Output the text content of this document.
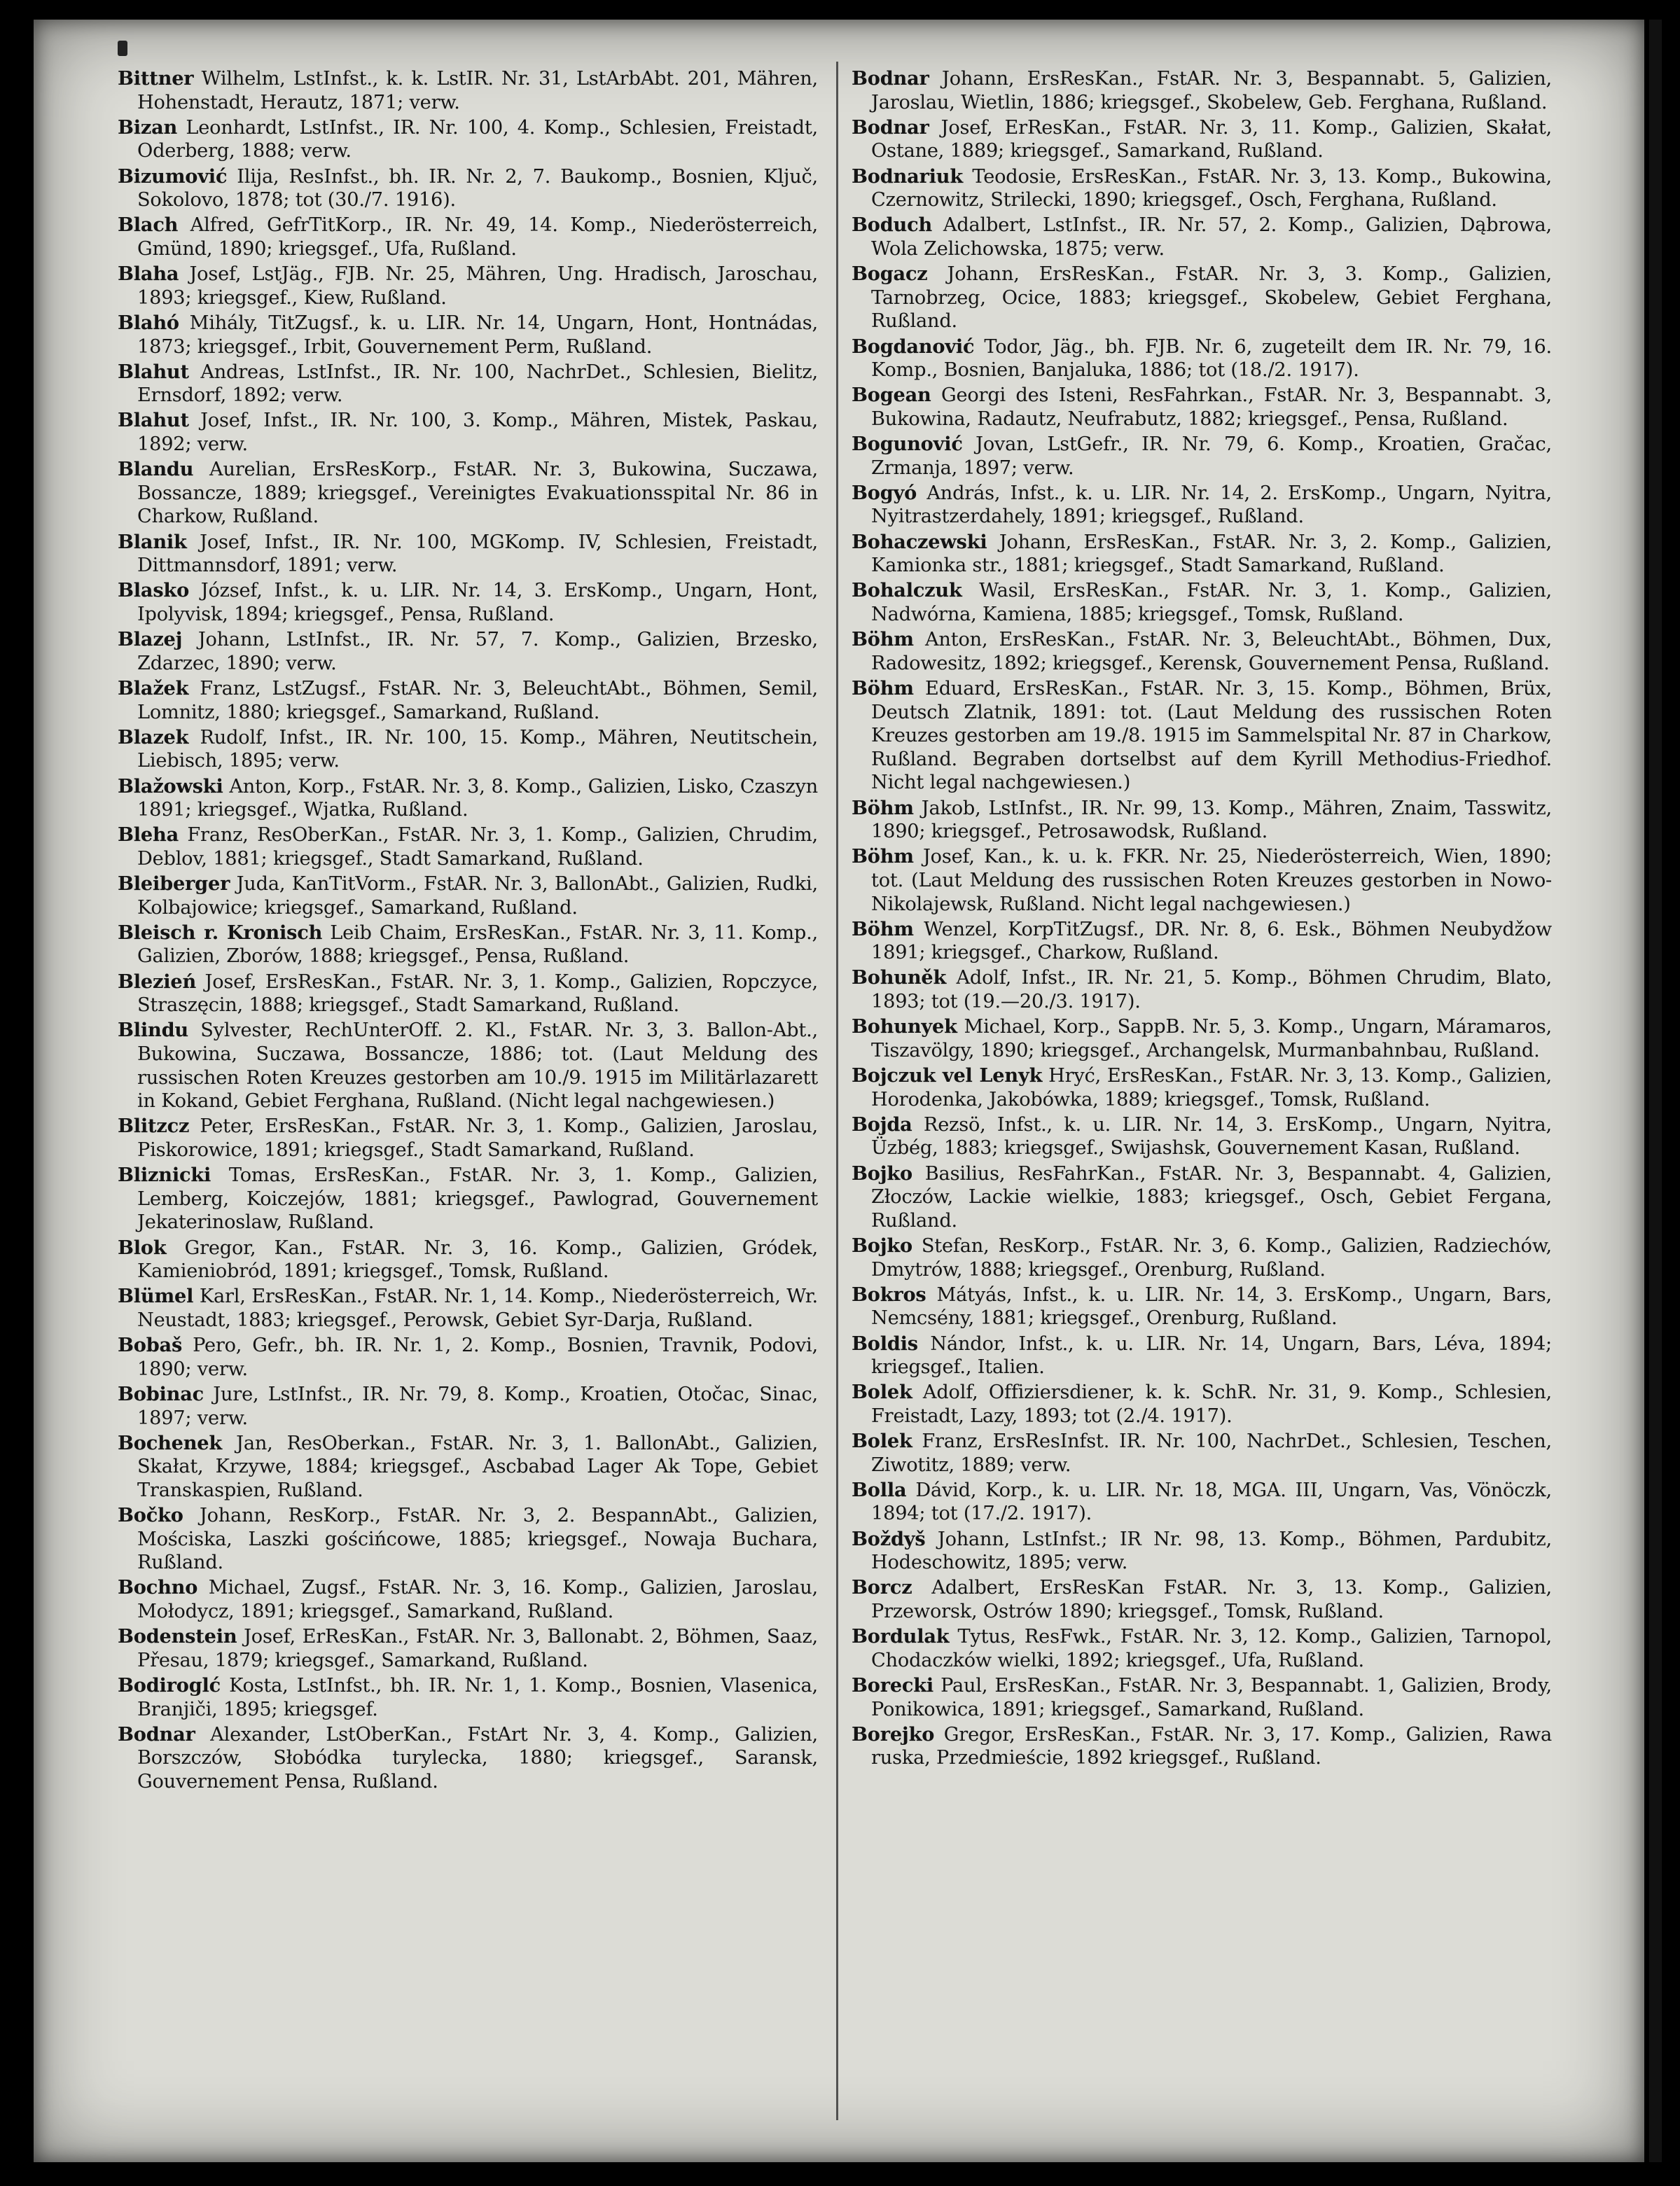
Bittner Wilhelm, LstInfst., k. k. LstIR. Nr. 31, LstArbAbt. 201, Mähren, Hohenstadt, Herautz, 1871; verw.

Bizan Leonhardt, LstInfst., IR. Nr. 100, 4. Komp., Schlesien, Freistadt, Oderberg, 1888; verw.

Bizumović Ilija, ResInfst., bh. IR. Nr. 2, 7. Baukomp., Bosnien, Ključ, Sokolovo, 1878; tot (30./7. 1916).

Blach Alfred, GefrTitKorp., IR. Nr. 49, 14. Komp., Niederösterreich, Gmünd, 1890; kriegsgef., Ufa, Rußland.

Blaha Josef, LstJäg., FJB. Nr. 25, Mähren, Ung. Hradisch, Jaroschau, 1893; kriegsgef., Kiew, Rußland.

Blahó Mihály, TitZugsf., k. u. LIR. Nr. 14, Ungarn, Hont, Hontnádas, 1873; kriegsgef., Irbit, Gouvernement Perm, Rußland.

Blahut Andreas, LstInfst., IR. Nr. 100, NachrDet., Schlesien, Bielitz, Ernsdorf, 1892; verw.

Blahut Josef, Infst., IR. Nr. 100, 3. Komp., Mähren, Mistek, Paskau, 1892; verw.

Blandu Aurelian, ErsResKorp., FstAR. Nr. 3, Bukowina, Suczawa, Bossancze, 1889; kriegsgef., Vereinigtes Evakuationsspital Nr. 86 in Charkow, Rußland.

Blanik Josef, Infst., IR. Nr. 100, MGKomp. IV, Schlesien, Freistadt, Dittmannsdorf, 1891; verw.

Blasko József, Infst., k. u. LIR. Nr. 14, 3. ErsKomp., Ungarn, Hont, Ipolyvisk, 1894; kriegsgef., Pensa, Rußland.

Blazej Johann, LstInfst., IR. Nr. 57, 7. Komp., Galizien, Brzesko, Zdarzec, 1890; verw.

Blažek Franz, LstZugsf., FstAR. Nr. 3, BeleuchtAbt., Böhmen, Semil, Lomnitz, 1880; kriegsgef., Samarkand, Rußland.

Blazek Rudolf, Infst., IR. Nr. 100, 15. Komp., Mähren, Neutitschein, Liebisch, 1895; verw.

Blažowski Anton, Korp., FstAR. Nr. 3, 8. Komp., Galizien, Lisko, Czaszyn 1891; kriegsgef., Wjatka, Rußland.

Bleha Franz, ResOberKan., FstAR. Nr. 3, 1. Komp., Galizien, Chrudim, Deblov, 1881; kriegsgef., Stadt Samarkand, Rußland.

Bleiberger Juda, KanTitVorm., FstAR. Nr. 3, BallonAbt., Galizien, Rudki, Kolbajowice; kriegsgef., Samarkand, Rußland.

Bleisch r. Kronisch Leib Chaim, ErsResKan., FstAR. Nr. 3, 11. Komp., Galizien, Zborów, 1888; kriegsgef., Pensa, Rußland.

Blezień Josef, ErsResKan., FstAR. Nr. 3, 1. Komp., Galizien, Ropczyce, Straszęcin, 1888; kriegsgef., Stadt Samarkand, Rußland.

Blindu Sylvester, RechUnterOff. 2. Kl., FstAR. Nr. 3, 3. Ballon-Abt., Bukowina, Suczawa, Bossancze, 1886; tot. (Laut Meldung des russischen Roten Kreuzes gestorben am 10./9. 1915 im Militärlazarett in Kokand, Gebiet Ferghana, Rußland. (Nicht legal nachgewiesen.)

Blitzcz Peter, ErsResKan., FstAR. Nr. 3, 1. Komp., Galizien, Jaroslau, Piskorowice, 1891; kriegsgef., Stadt Samarkand, Rußland.

Bliznicki Tomas, ErsResKan., FstAR. Nr. 3, 1. Komp., Galizien, Lemberg, Koiczejów, 1881; kriegsgef., Pawlograd, Gouvernement Jekaterinoslaw, Rußland.

Blok Gregor, Kan., FstAR. Nr. 3, 16. Komp., Galizien, Gródek, Kamieniobród, 1891; kriegsgef., Tomsk, Rußland.

Blümel Karl, ErsResKan., FstAR. Nr. 1, 14. Komp., Niederösterreich, Wr. Neustadt, 1883; kriegsgef., Perowsk, Gebiet Syr-Darja, Rußland.

Bobaš Pero, Gefr., bh. IR. Nr. 1, 2. Komp., Bosnien, Travnik, Podovi, 1890; verw.

Bobinac Jure, LstInfst., IR. Nr. 79, 8. Komp., Kroatien, Otočac, Sinac, 1897; verw.

Bochenek Jan, ResOberkan., FstAR. Nr. 3, 1. BallonAbt., Galizien, Skałat, Krzywe, 1884; kriegsgef., Ascbabad Lager Ak Tope, Gebiet Transkaspien, Rußland.

Bočko Johann, ResKorp., FstAR. Nr. 3, 2. BespannAbt., Galizien, Mościska, Laszki gościńcowe, 1885; kriegsgef., Nowaja Buchara, Rußland.

Bochno Michael, Zugsf., FstAR. Nr. 3, 16. Komp., Galizien, Jaroslau, Mołodycz, 1891; kriegsgef., Samarkand, Rußland.

Bodenstein Josef, ErResKan., FstAR. Nr. 3, Ballonabt. 2, Böhmen, Saaz, Přesau, 1879; kriegsgef., Samarkand, Rußland.

Bodiroglć Kosta, LstInfst., bh. IR. Nr. 1, 1. Komp., Bosnien, Vlasenica, Branjiči, 1895; kriegsgef.

Bodnar Alexander, LstOberKan., FstArt Nr. 3, 4. Komp., Galizien, Borszczów, Słobódka turylecka, 1880; kriegsgef., Saransk, Gouvernement Pensa, Rußland.

Bodnar Johann, ErsResKan., FstAR. Nr. 3, Bespannabt. 5, Galizien, Jaroslau, Wietlin, 1886; kriegsgef., Skobelew, Geb. Ferghana, Rußland.

Bodnar Josef, ErResKan., FstAR. Nr. 3, 11. Komp., Galizien, Skałat, Ostane, 1889; kriegsgef., Samarkand, Rußland.

Bodnariuk Teodosie, ErsResKan., FstAR. Nr. 3, 13. Komp., Bukowina, Czernowitz, Strilecki, 1890; kriegsgef., Osch, Ferghana, Rußland.

Boduch Adalbert, LstInfst., IR. Nr. 57, 2. Komp., Galizien, Dąbrowa, Wola Zelichowska, 1875; verw.

Bogacz Johann, ErsResKan., FstAR. Nr. 3, 3. Komp., Galizien, Tarnobrzeg, Ocice, 1883; kriegsgef., Skobelew, Gebiet Ferghana, Rußland.

Bogdanović Todor, Jäg., bh. FJB. Nr. 6, zugeteilt dem IR. Nr. 79, 16. Komp., Bosnien, Banjaluka, 1886; tot (18./2. 1917).

Bogean Georgi des Isteni, ResFahrkan., FstAR. Nr. 3, Bespannabt. 3, Bukowina, Radautz, Neufrabutz, 1882; kriegsgef., Pensa, Rußland.

Bogunović Jovan, LstGefr., IR. Nr. 79, 6. Komp., Kroatien, Gračac, Zrmanja, 1897; verw.

Bogyó András, Infst., k. u. LIR. Nr. 14, 2. ErsKomp., Ungarn, Nyitra, Nyitrastzerdahely, 1891; kriegsgef., Rußland.

Bohaczewski Johann, ErsResKan., FstAR. Nr. 3, 2. Komp., Galizien, Kamionka str., 1881; kriegsgef., Stadt Samarkand, Rußland.

Bohalczuk Wasil, ErsResKan., FstAR. Nr. 3, 1. Komp., Galizien, Nadwórna, Kamiena, 1885; kriegsgef., Tomsk, Rußland.

Böhm Anton, ErsResKan., FstAR. Nr. 3, BeleuchtAbt., Böhmen, Dux, Radowesitz, 1892; kriegsgef., Kerensk, Gouvernement Pensa, Rußland.

Böhm Eduard, ErsResKan., FstAR. Nr. 3, 15. Komp., Böhmen, Brüx, Deutsch Zlatnik, 1891: tot. (Laut Meldung des russischen Roten Kreuzes gestorben am 19./8. 1915 im Sammelspital Nr. 87 in Charkow, Rußland. Begraben dortselbst auf dem Kyrill Methodius-Friedhof. Nicht legal nachgewiesen.)

Böhm Jakob, LstInfst., IR. Nr. 99, 13. Komp., Mähren, Znaim, Tasswitz, 1890; kriegsgef., Petrosawodsk, Rußland.

Böhm Josef, Kan., k. u. k. FKR. Nr. 25, Niederösterreich, Wien, 1890; tot. (Laut Meldung des russischen Roten Kreuzes gestorben in Nowo-Nikolajewsk, Rußland. Nicht legal nachgewiesen.)

Böhm Wenzel, KorpTitZugsf., DR. Nr. 8, 6. Esk., Böhmen Neubydžow 1891; kriegsgef., Charkow, Rußland.

Bohuněk Adolf, Infst., IR. Nr. 21, 5. Komp., Böhmen Chrudim, Blato, 1893; tot (19.—20./3. 1917).

Bohunyek Michael, Korp., SappB. Nr. 5, 3. Komp., Ungarn, Máramaros, Tiszavölgy, 1890; kriegsgef., Archangelsk, Murmanbahnbau, Rußland.

Bojczuk vel Lenyk Hryć, ErsResKan., FstAR. Nr. 3, 13. Komp., Galizien, Horodenka, Jakobówka, 1889; kriegsgef., Tomsk, Rußland.

Bojda Rezsö, Infst., k. u. LIR. Nr. 14, 3. ErsKomp., Ungarn, Nyitra, Üzbég, 1883; kriegsgef., Swijashsk, Gouvernement Kasan, Rußland.

Bojko Basilius, ResFahrKan., FstAR. Nr. 3, Bespannabt. 4, Galizien, Złoczów, Lackie wielkie, 1883; kriegsgef., Osch, Gebiet Fergana, Rußland.

Bojko Stefan, ResKorp., FstAR. Nr. 3, 6. Komp., Galizien, Radziechów, Dmytrów, 1888; kriegsgef., Orenburg, Rußland.

Bokros Mátyás, Infst., k. u. LIR. Nr. 14, 3. ErsKomp., Ungarn, Bars, Nemcsény, 1881; kriegsgef., Orenburg, Rußland.

Boldis Nándor, Infst., k. u. LIR. Nr. 14, Ungarn, Bars, Léva, 1894; kriegsgef., Italien.

Bolek Adolf, Offiziersdiener, k. k. SchR. Nr. 31, 9. Komp., Schlesien, Freistadt, Lazy, 1893; tot (2./4. 1917).

Bolek Franz, ErsResInfst. IR. Nr. 100, NachrDet., Schlesien, Teschen, Ziwotitz, 1889; verw.

Bolla Dávid, Korp., k. u. LIR. Nr. 18, MGA. III, Ungarn, Vas, Vönöczk, 1894; tot (17./2. 1917).

Boždyš Johann, LstInfst.; IR Nr. 98, 13. Komp., Böhmen, Pardubitz, Hodeschowitz, 1895; verw.

Borcz Adalbert, ErsResKan FstAR. Nr. 3, 13. Komp., Galizien, Przeworsk, Ostrów 1890; kriegsgef., Tomsk, Rußland.

Bordulak Tytus, ResFwk., FstAR. Nr. 3, 12. Komp., Galizien, Tarnopol, Chodaczków wielki, 1892; kriegsgef., Ufa, Rußland.

Borecki Paul, ErsResKan., FstAR. Nr. 3, Bespannabt. 1, Galizien, Brody, Ponikowica, 1891; kriegsgef., Samarkand, Rußland.

Borejko Gregor, ErsResKan., FstAR. Nr. 3, 17. Komp., Galizien, Rawa ruska, Przedmieście, 1892 kriegsgef., Rußland.
